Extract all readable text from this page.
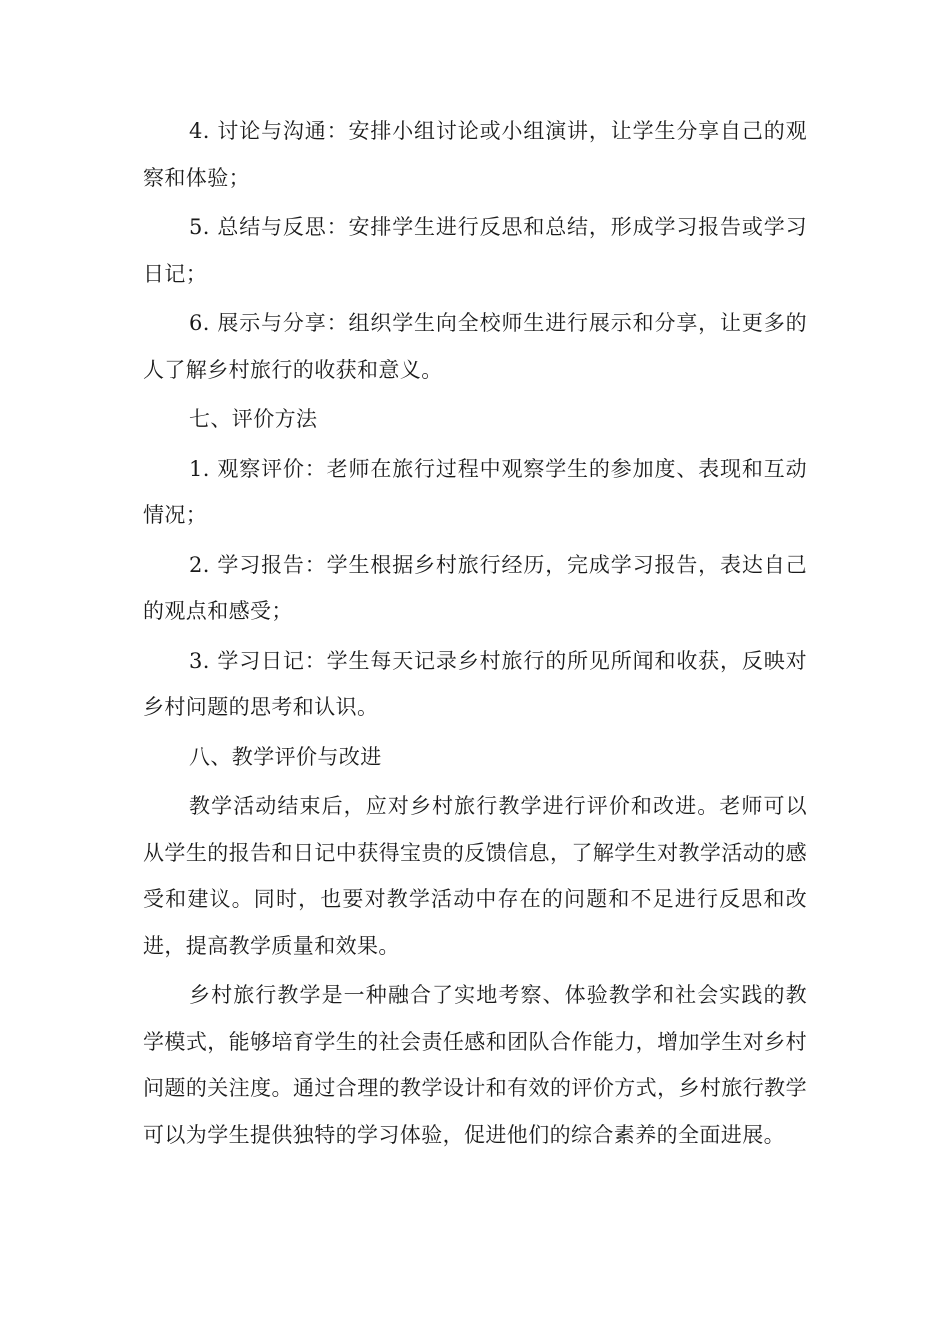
4. 讨论与沟通：安排小组讨论或小组演讲，让学生分享自己的观察和体验；

5. 总结与反思：安排学生进行反思和总结，形成学习报告或学习日记；

6. 展示与分享：组织学生向全校师生进行展示和分享，让更多的人了解乡村旅行的收获和意义。

七、评价方法

1. 观察评价：老师在旅行过程中观察学生的参加度、表现和互动情况；

2. 学习报告：学生根据乡村旅行经历，完成学习报告，表达自己的观点和感受；

3. 学习日记：学生每天记录乡村旅行的所见所闻和收获，反映对乡村问题的思考和认识。

八、教学评价与改进

教学活动结束后，应对乡村旅行教学进行评价和改进。老师可以从学生的报告和日记中获得宝贵的反馈信息，了解学生对教学活动的感受和建议。同时，也要对教学活动中存在的问题和不足进行反思和改进，提高教学质量和效果。

乡村旅行教学是一种融合了实地考察、体验教学和社会实践的教学模式，能够培育学生的社会责任感和团队合作能力，增加学生对乡村问题的关注度。通过合理的教学设计和有效的评价方式，乡村旅行教学可以为学生提供独特的学习体验，促进他们的综合素养的全面进展。
